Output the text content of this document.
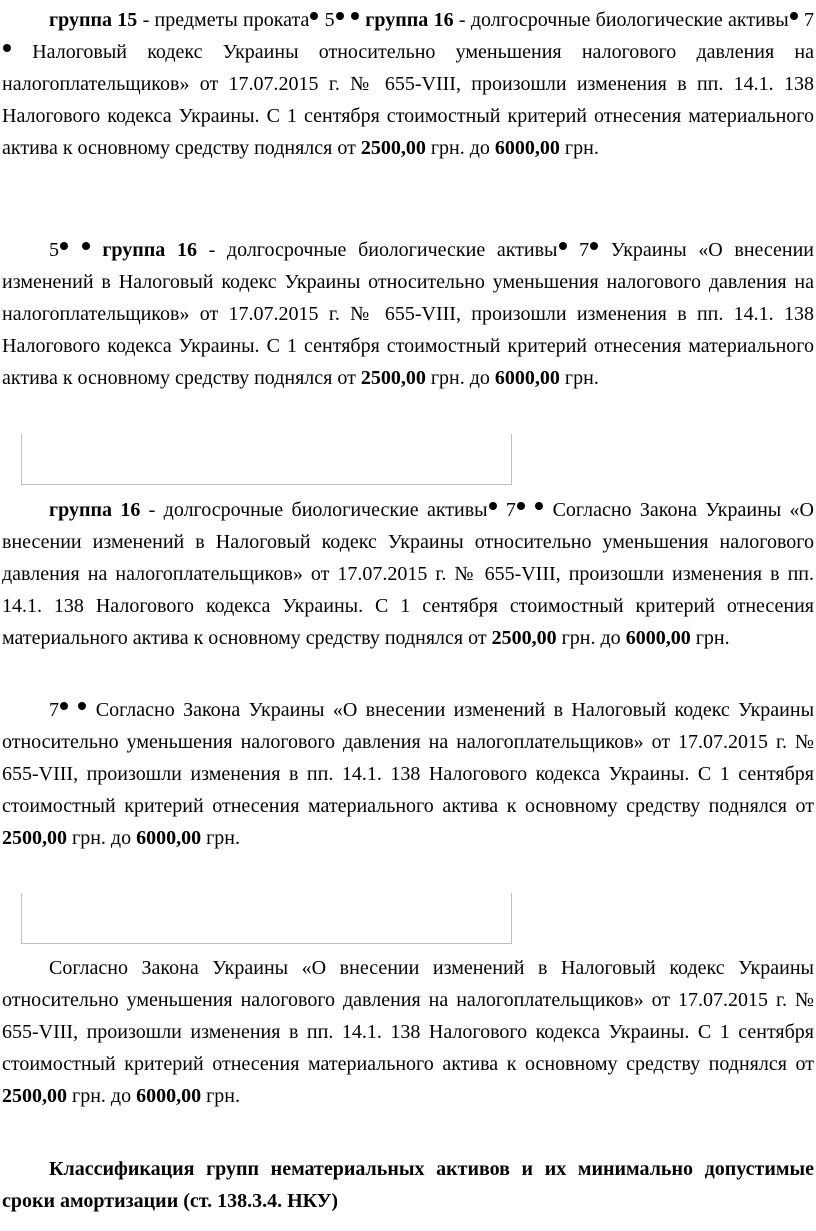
группа 15 - предметы проката 5 группа 16 - долгосрочные биологические активы 7 Налоговый кодекс Украины относительно уменьшения налогового давления на налогоплательщиков» от 17.07.2015 г. № 655-VIII, произошли изменения в пп. 14.1. 138 Налогового кодекса Украины. С 1 сентября стоимостный критерий отнесения материального актива к основному средству поднялся от 2500,00 грн. до 6000,00 грн.

5 группа 16 - долгосрочные биологические активы 7 Украины «О внесении изменений в Налоговый кодекс Украины относительно уменьшения налогового давления на налогоплательщиков» от 17.07.2015 г. № 655-VIII, произошли изменения в пп. 14.1. 138 Налогового кодекса Украины. С 1 сентября стоимостный критерий отнесения материального актива к основному средству поднялся от 2500,00 грн. до 6000,00 грн.

группа 16 - долгосрочные биологические активы 7  Согласно Закона Украины «О внесении изменений в Налоговый кодекс Украины относительно уменьшения налогового давления на налогоплательщиков» от 17.07.2015 г. № 655-VIII, произошли изменения в пп. 14.1. 138 Налогового кодекса Украины. С 1 сентября стоимостный критерий отнесения материального актива к основному средству поднялся от 2500,00 грн. до 6000,00 грн.

7  Согласно Закона Украины «О внесении изменений в Налоговый кодекс Украины относительно уменьшения налогового давления на налогоплательщиков» от 17.07.2015 г. № 655-VIII, произошли изменения в пп. 14.1. 138 Налогового кодекса Украины. С 1 сентября стоимостный критерий отнесения материального актива к основному средству поднялся от 2500,00 грн. до 6000,00 грн.

Согласно Закона Украины «О внесении изменений в Налоговый кодекс Украины относительно уменьшения налогового давления на налогоплательщиков» от 17.07.2015 г. № 655-VIII, произошли изменения в пп. 14.1. 138 Налогового кодекса Украины. С 1 сентября стоимостный критерий отнесения материального актива к основному средству поднялся от 2500,00 грн. до 6000,00 грн.

Классификация групп нематериальных активов и их минимально допустимые сроки амортизации (ст. 138.3.4. НКУ)
